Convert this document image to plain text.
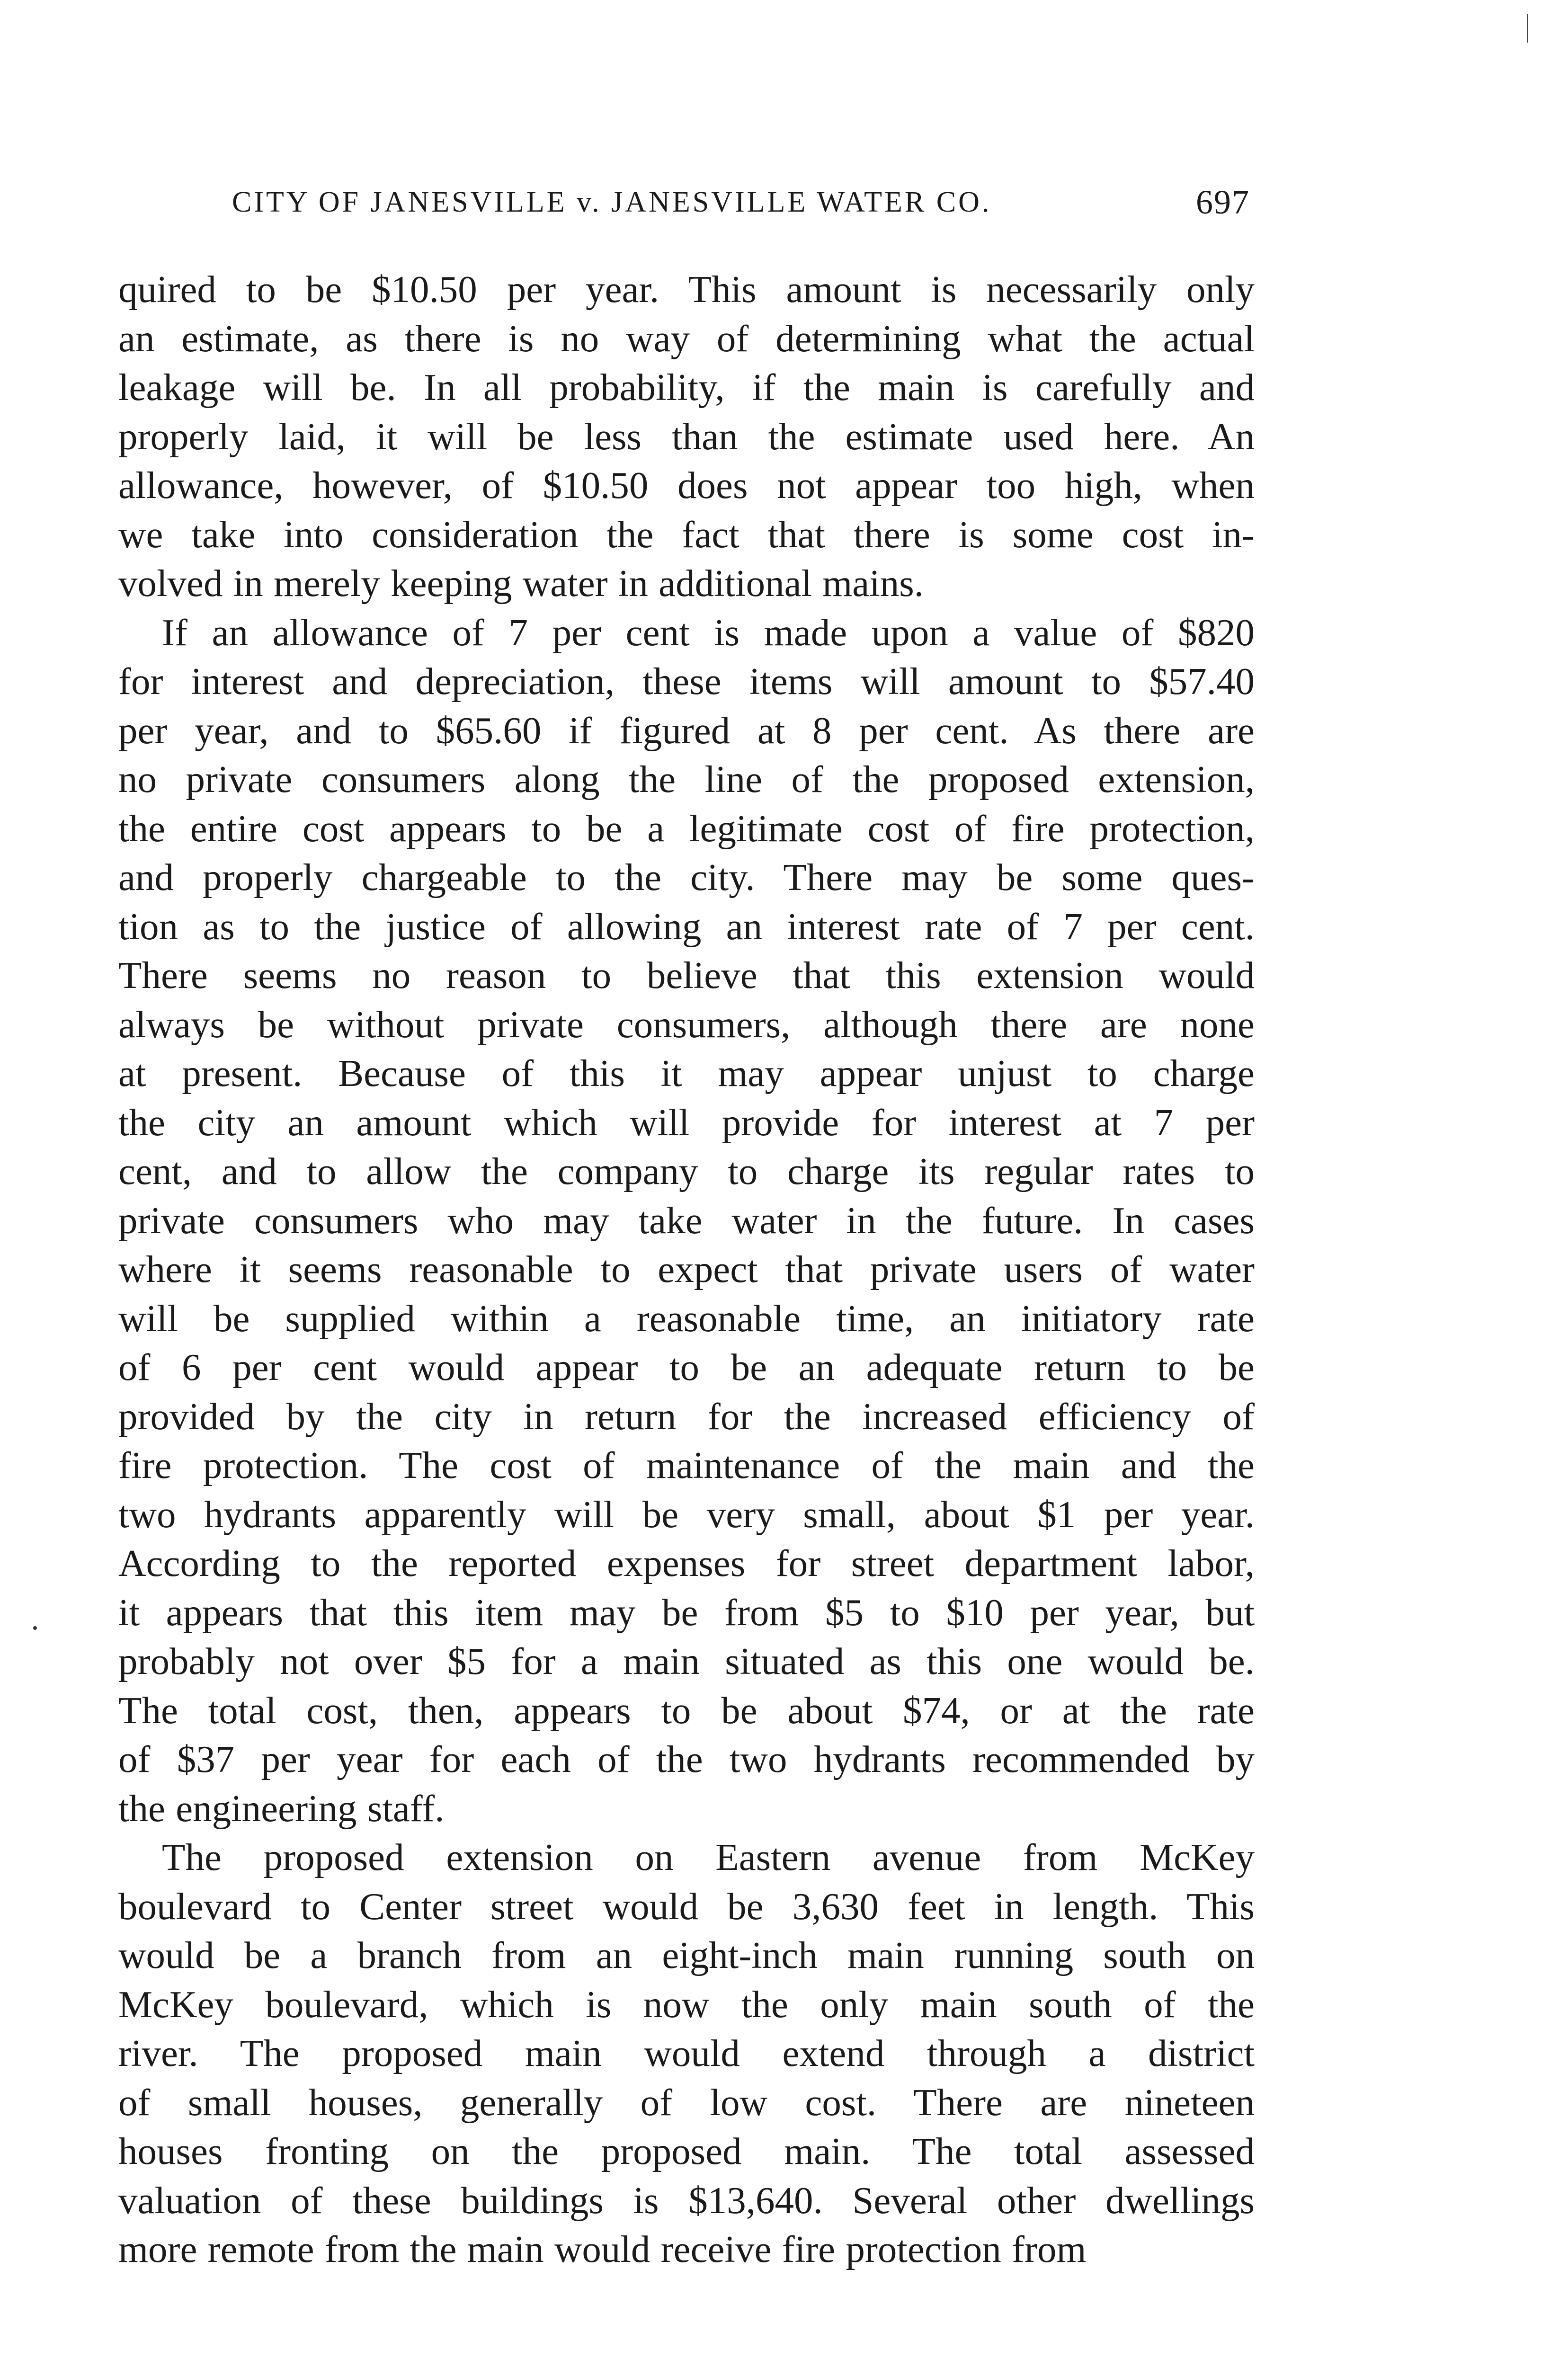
CITY OF JANESVILLE v. JANESVILLE WATER CO.	697
quired to be $10.50 per year. This amount is necessarily only
an estimate, as there is no way of determining what the actual
leakage will be. In all probability, if the main is carefully and
properly laid, it will be less than the estimate used here. An
allowance, however, of $10.50 does not appear too high, when
we take into consideration the fact that there is some cost in-
volved in merely keeping water in additional mains.
If an allowance of 7 per cent is made upon a value of $820
for interest and depreciation, these items will amount to $57.40
per year, and to $65.60 if figured at 8 per cent. As there are
no private consumers along the line of the proposed extension,
the entire cost appears to be a legitimate cost of fire protection,
and properly chargeable to the city. There may be some ques-
tion as to the justice of allowing an interest rate of 7 per cent.
There seems no reason to believe that this extension would
always be without private consumers, although there are none
at present. Because of this it may appear unjust to charge
the city an amount which will provide for interest at 7 per
cent, and to allow the company to charge its regular rates to
private consumers who may take water in the future. In cases
where it seems reasonable to expect that private users of water
will be supplied within a reasonable time, an initiatory rate
of 6 per cent would appear to be an adequate return to be
provided by the city in return for the increased efficiency of
fire protection. The cost of maintenance of the main and the
two hydrants apparently will be very small, about $1 per year.
According to the reported expenses for street department labor,
it appears that this item may be from $5 to $10 per year, but
probably not over $5 for a main situated as this one would be.
The total cost, then, appears to be about $74, or at the rate
of $37 per year for each of the two hydrants recommended by
the engineering staff.
The proposed extension on Eastern avenue from McKey
boulevard to Center street would be 3,630 feet in length. This
would be a branch from an eight-inch main running south on
McKey boulevard, which is now the only main south of the
river. The proposed main would extend through a district
of small houses, generally of low cost. There are nineteen
houses fronting on the proposed main. The total assessed
valuation of these buildings is $13,640. Several other dwellings
more remote from the main would receive fire protection from
